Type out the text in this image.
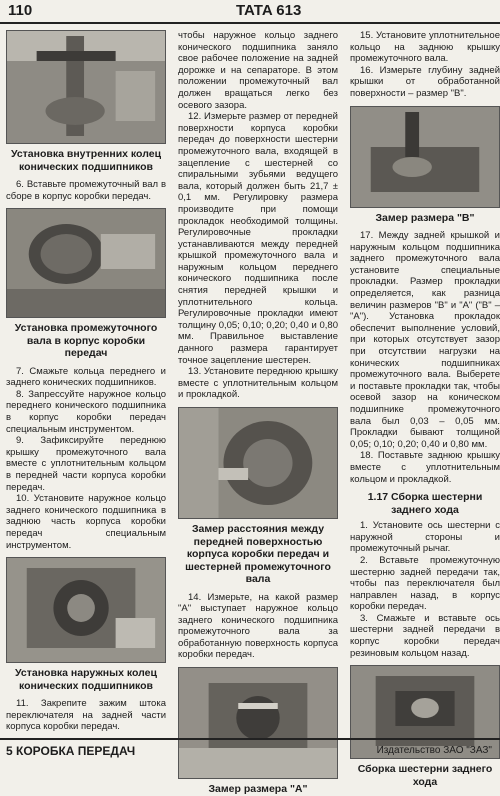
110	TATA 613
Установка внутренних колец конических подшипников

6. Вставьте промежуточный вал в сборе в корпус коробки передач.

Установка промежуточного вала в корпус коробки передач

7. Смажьте кольца переднего и заднего конических подшипников.

8. Запрессуйте наружное кольцо переднего конического подшипника в корпус коробки передач специальным инструментом.

9. Зафиксируйте переднюю крышку промежуточного вала вместе с уплотнительным кольцом в передней части корпуса коробки передач.

10. Установите наружное кольцо заднего конического подшипника в заднюю часть корпуса коробки передач специальным инструментом.

Установка наружных колец конических подшипников

11. Закрепите зажим штока переключателя на задней части корпуса коробки передач.

чтобы наружное кольцо заднего конического подшипника заняло свое рабочее положение на задней дорожке и на сепараторе. В этом положении промежуточный вал должен вращаться легко без осевого зазора.

12. Измерьте размер от передней поверхности корпуса коробки передач до поверхности шестерни промежуточного вала, входящей в зацепление с шестерней со спиральными зубьями ведущего вала, который должен быть 21,7 ± 0,1 мм. Регулировку размера производите при помощи прокладок необходимой толщины. Регулировочные прокладки устанавливаются между передней крышкой промежуточного вала и наружным кольцом переднего конического подшипника после снятия передней крышки и уплотнительного кольца. Регулировочные прокладки имеют толщину 0,05; 0,10; 0,20; 0,40 и 0,80 мм. Правильное выставление данного размера гарантирует точное зацепление шестерен.

13. Установите переднюю крышку вместе с уплотнительным кольцом и прокладкой.

Замер расстояния между передней поверхностью корпуса коробки передач и шестерней промежуточного вала

14. Измерьте, на какой размер "А" выступает наружное кольцо заднего конического подшипника промежуточного вала за обработанную поверхность корпуса коробки передач.

Замер размера "А"

15. Установите уплотнительное кольцо на заднюю крышку промежуточного вала.

16. Измерьте глубину задней крышки от обработанной поверхности – размер "В".

Замер размера "В"

17. Между задней крышкой и наружным кольцом подшипника заднего промежуточного вала установите специальные прокладки. Размер прокладки определяется, как разница величин размеров "В" и "А" ("В" – "А"). Установка прокладок обеспечит выполнение условий, при которых отсутствует зазор при отсутствии нагрузки на конических подшипниках промежуточного вала. Выберете и поставьте прокладки так, чтобы осевой зазор на коническом подшипнике промежуточного вала был 0,03 – 0,05 мм. Прокладки бывают толщиной 0,05; 0,10; 0,20; 0,40 и 0,80 мм.

18. Поставьте заднюю крышку вместе с уплотнительным кольцом и прокладкой.

1.17 Сборка шестерни заднего хода

1. Установите ось шестерни с наружной стороны и промежуточный рычаг.

2. Вставьте промежуточную шестерню задней передачи так, чтобы паз переключателя был направлен назад, в корпус коробки передач.

3. Смажьте и вставьте ось шестерни задней передачи в корпус коробки передач резиновым кольцом назад.

Сборка шестерни заднего хода
5 КОРОБКА ПЕРЕДАЧ	Издательство ЗАО "ЗАЗ"
